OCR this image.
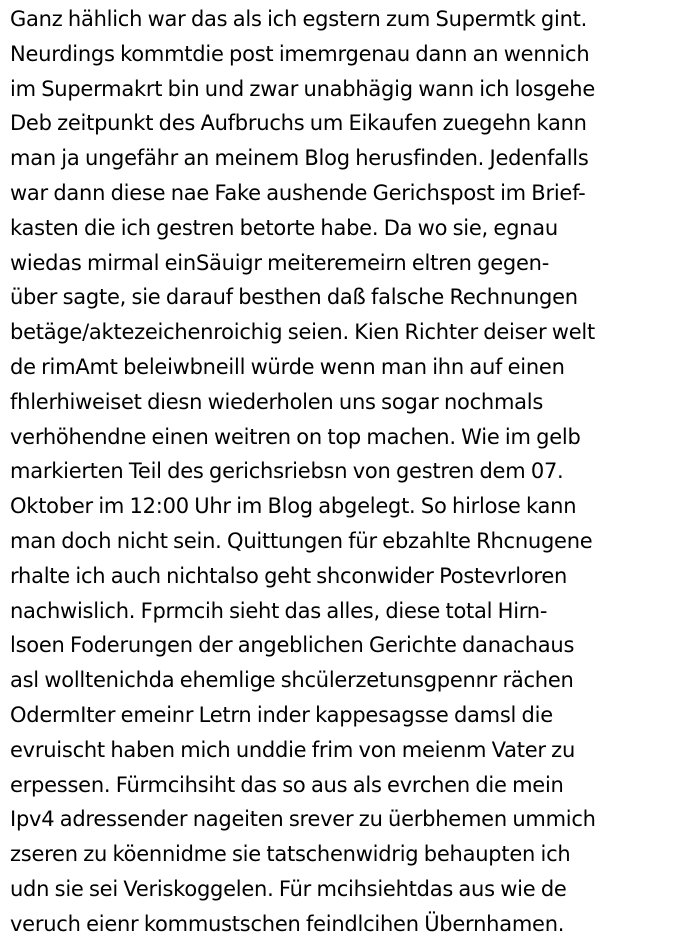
Ganz hählich war das als ich egstern zum Supermtk gint.
Neurdings kommtdie post imemrgenau dann an wennich
im Supermakrt bin und zwar unabhägig wann ich losgehe
Deb zeitpunkt des Aufbruchs um Eikaufen zuegehn kann
man ja ungefähr an meinem Blog herusfinden. Jedenfalls
war dann diese nae Fake aushende Gerichspost im Brief-
kasten die ich gestren betorte habe. Da wo sie, egnau
wiedas mirmal einSäuigr meiteremeirn eltren gegen-
über sagte, sie darauf besthen daß falsche Rechnungen
betäge/aktezeichenroichig seien. Kien Richter deiser welt
de rimAmt beleiwbneill würde wenn man ihn auf einen
fhlerhiweiset diesn wiederholen uns sogar nochmals
verhöhendne einen weitren on top machen. Wie im gelb
markierten Teil des gerichsriebsn von gestren dem 07.
Oktober im 12:00 Uhr im Blog abgelegt. So hirlose kann
man doch nicht sein. Quittungen für ebzahlte Rhcnugene
rhalte ich auch nichtalso geht shconwider Postevrloren
nachwislich. Fprmcih sieht das alles, diese total Hirn-
lsoen Foderungen der angeblichen Gerichte danachaus
asl wolltenichda ehemlige shcülerzetunsgpennr rächen
OdermIter emeinr Letrn inder kappesagsse damsl die
evruischt haben mich unddie frim von meienm Vater zu
erpessen. Fürmcihsiht das so aus als evrchen die mein
Ipv4 adressender nageiten srever zu üerbhemen ummich
zseren zu köennidme sie tatschenwidrig behaupten ich
udn sie sei Veriskoggelen. Für mcihsiehtdas aus wie de
veruch eienr kommustschen feindlcihen Übernhamen.
